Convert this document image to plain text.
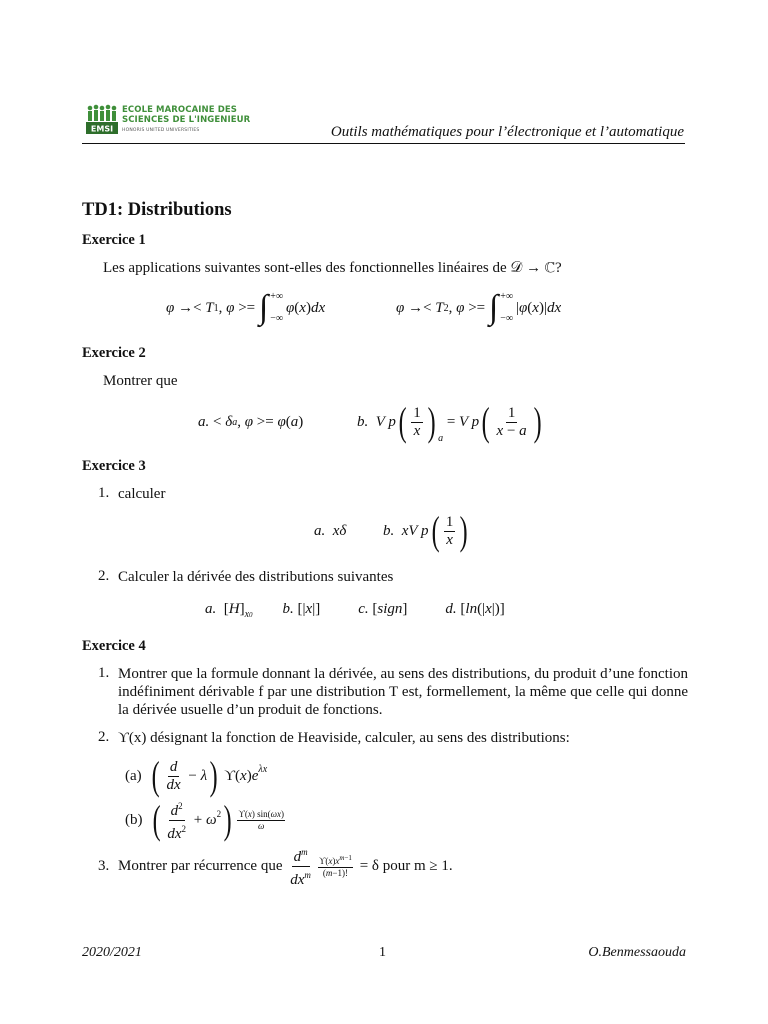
EMSI
ECOLE MAROCAINE DES
SCIENCES DE L'INGENIEUR
HONORIS UNITED UNIVERSITIES	Outils mathématiques pour l’électronique et l’automatique
TD1: Distributions
Exercice 1
Les applications suivantes sont-elles des fonctionnelles linéaires de 𝒟 → ℂ?
φ →< T 1 , φ >= ∫ +∞
−∞
φ ( x ) dx	φ →< T 2 , φ >= ∫ +∞
−∞
| φ ( x )| dx
Exercice 2
Montrer que
a. < δ a , φ >= φ ( a )	b.
V p ( $\frac{1}{x}$ ) $_a$
= V p ( $\frac{1}{x - a}$ )
Exercice 3
1. calculer
a.
xδ b.
xV p ( $\frac{1}{x}$ )
2. Calculer la dérivée des distributions suivantes
a. [ H ]$_{x0}$ b. [| x |]	c. [ sign ]	d. [ ln (| x |)]
Exercice 4
1. Montrer que la formule donnant la dérivée, au sens des distributions, du produit d’une fonction indéfiniment dérivable f par une distribution T est, formellement, la même que celle qui donne la dérivée usuelle d’un produit de fonctions.
2. ϒ(x) désignant la fonction de Heaviside, calculer, au sens des distributions:
(a) ( $\frac{d}{dx} - \lambda$ ) ϒ( x ) $e^{\lambda x}$
(b) ( $\frac{d^2}{dx^2} + \omega^2$ ) $\frac{ϒ(x) \sin(\omega x)}{\omega}$
3. Montrer par récurrence que
$\frac{d^m}{dx^m} \frac{ϒ(x)x^{m-1}}{(m-1)!}$
= δ pour m ≥ 1.
2020/2021	1	O.Benmessaouda
